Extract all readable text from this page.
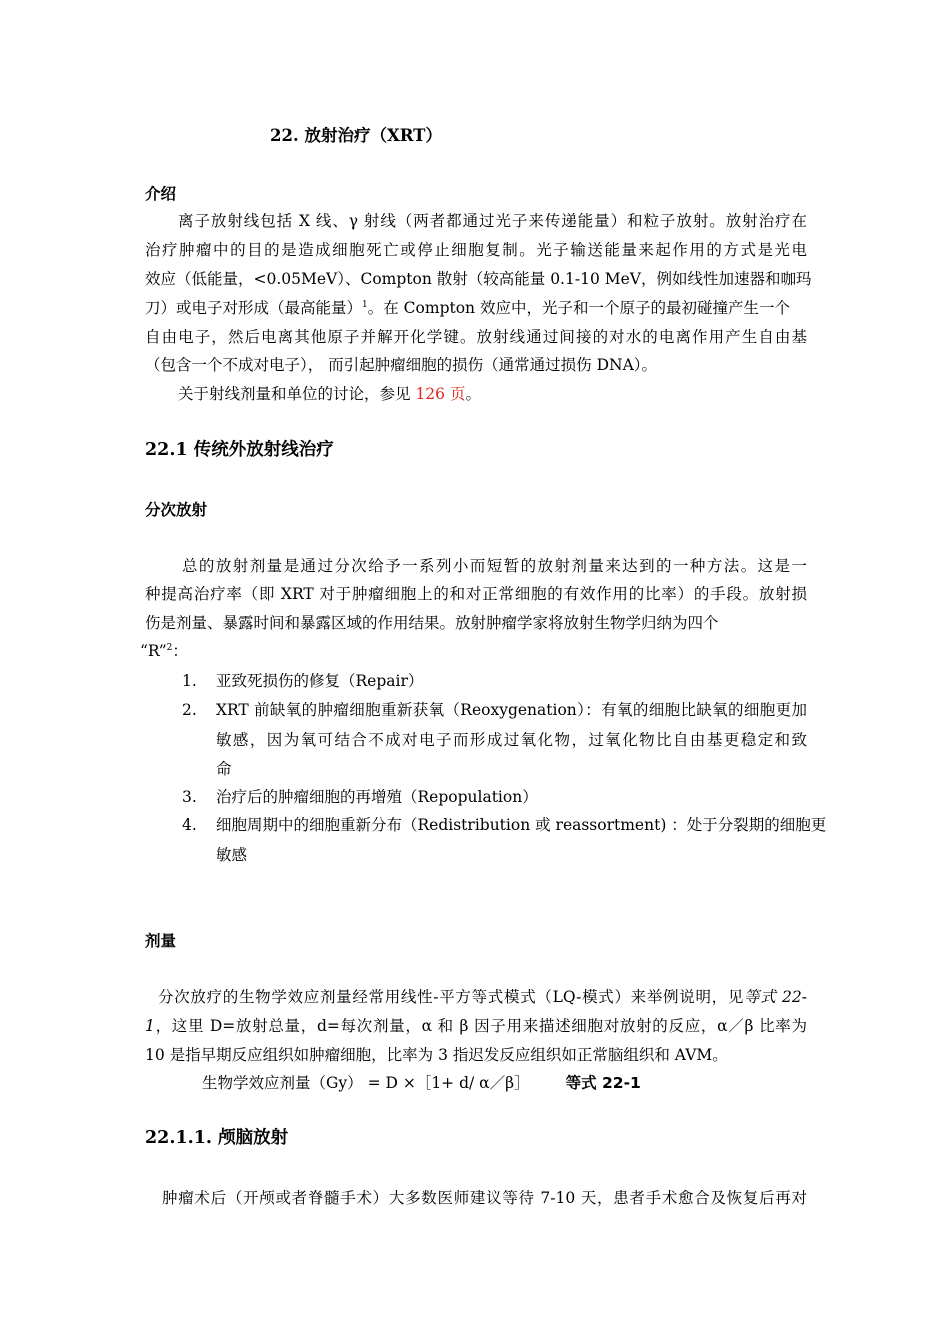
22. 放射治疗（XRT）
介绍
离子放射线包括 X 线、γ 射线（两者都通过光子来传递能量）和粒子放射。放射治疗在
治疗肿瘤中的目的是造成细胞死亡或停止细胞复制。光子输送能量来起作用的方式是光电
效应（低能量，<0.05MeV）、Compton 散射（较高能量 0.1-10 MeV，例如线性加速器和咖玛
刀）或电子对形成（最高能量）$^1$。在 Compton 效应中，光子和一个原子的最初碰撞产生一个
自由电子，然后电离其他原子并解开化学键。放射线通过间接的对水的电离作用产生自由基
（包含一个不成对电子）， 而引起肿瘤细胞的损伤（通常通过损伤 DNA）。
关于射线剂量和单位的讨论，参见 126 页。
22.1 传统外放射线治疗
分次放射
总的放射剂量是通过分次给予一系列小而短暂的放射剂量来达到的一种方法。这是一
种提高治疗率（即 XRT 对于肿瘤细胞上的和对正常细胞的有效作用的比率）的手段。放射损
伤是剂量、暴露时间和暴露区域的作用结果。放射肿瘤学家将放射生物学归纳为四个
“R”$^2$：
1. 亚致死损伤的修复（Repair）
2. XRT 前缺氧的肿瘤细胞重新获氧（Reoxygenation）：有氧的细胞比缺氧的细胞更加
敏感，因为氧可结合不成对电子而形成过氧化物，过氧化物比自由基更稳定和致
命
3. 治疗后的肿瘤细胞的再增殖（Repopulation）
4. 细胞周期中的细胞重新分布（Redistribution 或 reassortment) ：处于分裂期的细胞更
敏感
剂量
分次放疗的生物学效应剂量经常用线性-平方等式模式（LQ-模式）来举例说明，见等式 22-
1，这里 D=放射总量，d=每次剂量，α 和 β 因子用来描述细胞对放射的反应，α／β 比率为
10 是指早期反应组织如肿瘤细胞，比率为 3 指迟发反应组织如正常脑组织和 AVM。
生物学效应剂量（Gy） = D ×［1+ d/ α／β］ 等式 22-1
22.1.1. 颅脑放射
肿瘤术后（开颅或者脊髓手术）大多数医师建议等待 7-10 天，患者手术愈合及恢复后再对
